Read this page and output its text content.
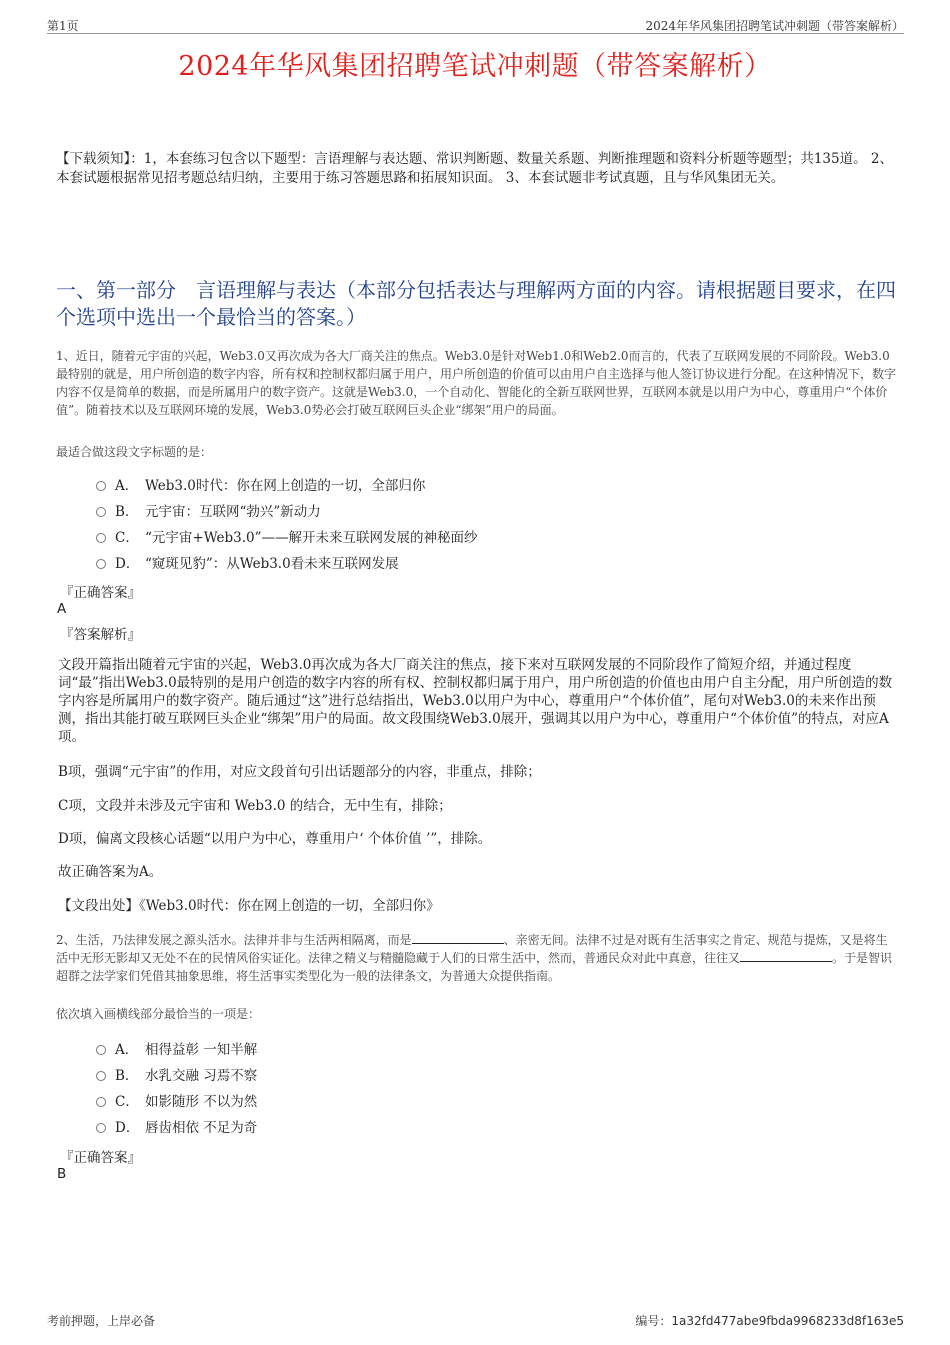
第1页	2024年华风集团招聘笔试冲刺题（带答案解析）
2024年华风集团招聘笔试冲刺题（带答案解析）
【下载须知】：1，本套练习包含以下题型：言语理解与表达题、常识判断题、数量关系题、判断推理题和资料分析题等题型；共135道。 2、本套试题根据常见招考题总结归纳，主要用于练习答题思路和拓展知识面。 3、本套试题非考试真题，且与华风集团无关。
一、第一部分　言语理解与表达（本部分包括表达与理解两方面的内容。请根据题目要求，在四个选项中选出一个最恰当的答案。）
1、近日，随着元宇宙的兴起，Web3.0又再次成为各大厂商关注的焦点。Web3.0是针对Web1.0和Web2.0而言的，代表了互联网发展的不同阶段。Web3.0最特别的就是，用户所创造的数字内容，所有权和控制权都归属于用户，用户所创造的价值可以由用户自主选择与他人签订协议进行分配。在这种情况下，数字内容不仅是简单的数据，而是所属用户的数字资产。这就是Web3.0，一个自动化、智能化的全新互联网世界，互联网本就是以用户为中心，尊重用户“个体价值”。随着技术以及互联网环境的发展，Web3.0势必会打破互联网巨头企业“绑架”用户的局面。
最适合做这段文字标题的是：
A． Web3.0时代：你在网上创造的一切，全部归你
B． 元宇宙：互联网“勃兴”新动力
C． “元宇宙+Web3.0”——解开未来互联网发展的神秘面纱
D． “窥斑见豹”：从Web3.0看未来互联网发展
『正确答案』
A
『答案解析』
文段开篇指出随着元宇宙的兴起，Web3.0再次成为各大厂商关注的焦点，接下来对互联网发展的不同阶段作了简短介绍，并通过程度词“最”指出Web3.0最特别的是用户创造的数字内容的所有权、控制权都归属于用户，用户所创造的价值也由用户自主分配，用户所创造的数字内容是所属用户的数字资产。随后通过“这”进行总结指出，Web3.0以用户为中心，尊重用户“个体价值”，尾句对Web3.0的未来作出预测，指出其能打破互联网巨头企业“绑架”用户的局面。故文段围绕Web3.0展开，强调其以用户为中心，尊重用户“个体价值”的特点，对应A项。
B项，强调“元宇宙”的作用，对应文段首句引出话题部分的内容，非重点，排除；
C项，文段并未涉及元宇宙和 Web3.0 的结合，无中生有，排除；
D项，偏离文段核心话题“以用户为中心，尊重用户‘ 个体价值 ’”，排除。
故正确答案为A。
【文段出处】《Web3.0时代：你在网上创造的一切，全部归你》
2、生活，乃法律发展之源头活水。法律并非与生活两相隔离，而是	、亲密无间。法律不过是对既有生活事实之肯定、规范与提炼，又是将生活中无形无影却又无处不在的民情风俗实证化。法律之精义与精髓隐藏于人们的日常生活中，然而，普通民众对此中真意，往往又	。于是智识超群之法学家们凭借其抽象思维，将生活事实类型化为一般的法律条文，为普通大众提供指南。
依次填入画横线部分最恰当的一项是：
A． 相得益彰 一知半解
B． 水乳交融 习焉不察
C． 如影随形 不以为然
D． 唇齿相依 不足为奇
『正确答案』
B
考前押题，上岸必备	编号：1a32fd477abe9fbda9968233d8f163e5
